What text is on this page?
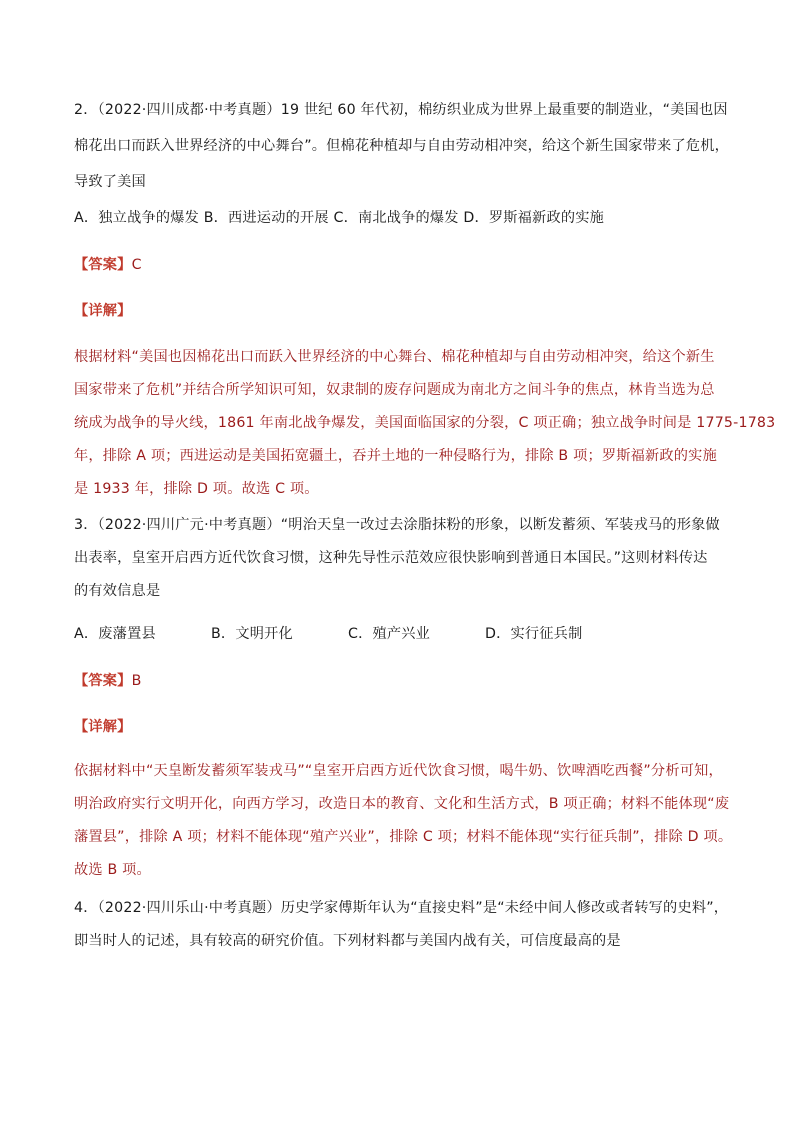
2．（2022·四川成都·中考真题）19 世纪 60 年代初，棉纺织业成为世界上最重要的制造业，“美国也因
棉花出口而跃入世界经济的中心舞台”。但棉花种植却与自由劳动相冲突，给这个新生国家带来了危机，
导致了美国
A．独立战争的爆发 B．西进运动的开展 C．南北战争的爆发 D．罗斯福新政的实施
【答案】C
【详解】
根据材料“美国也因棉花出口而跃入世界经济的中心舞台、棉花种植却与自由劳动相冲突，给这个新生
国家带来了危机”并结合所学知识可知，奴隶制的废存问题成为南北方之间斗争的焦点，林肯当选为总
统成为战争的导火线，1861 年南北战争爆发，美国面临国家的分裂，C 项正确；独立战争时间是 1775-1783
年，排除 A 项；西进运动是美国拓宽疆土，吞并土地的一种侵略行为，排除 B 项；罗斯福新政的实施
是 1933 年，排除 D 项。故选 C 项。
3．（2022·四川广元·中考真题）“明治天皇一改过去涂脂抹粉的形象，以断发蓄须、军装戎马的形象做
出表率，皇室开启西方近代饮食习惯，这种先导性示范效应很快影响到普通日本国民。”这则材料传达
的有效信息是
A．废藩置县	B．文明开化	C．殖产兴业	D．实行征兵制
【答案】B
【详解】
依据材料中“天皇断发蓄须军装戎马”“皇室开启西方近代饮食习惯，喝牛奶、饮啤酒吃西餐”分析可知，
明治政府实行文明开化，向西方学习，改造日本的教育、文化和生活方式，B 项正确；材料不能体现“废
藩置县”，排除 A 项；材料不能体现“殖产兴业”，排除 C 项；材料不能体现“实行征兵制”，排除 D 项。
故选 B 项。
4．（2022·四川乐山·中考真题）历史学家傅斯年认为“直接史料”是“未经中间人修改或者转写的史料”，
即当时人的记述，具有较高的研究价值。下列材料都与美国内战有关，可信度最高的是
